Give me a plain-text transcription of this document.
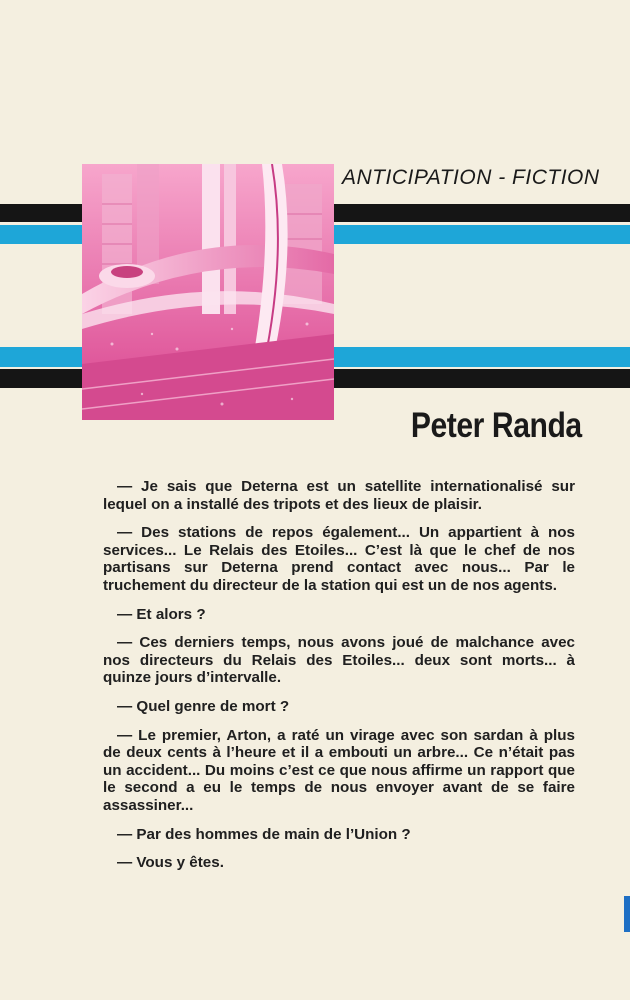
ANTICIPATION - FICTION
Peter Randa

— Je sais que Deterna est un satellite internationalisé sur lequel on a installé des tripots et des lieux de plaisir.

— Des stations de repos également... Un appartient à nos services... Le Relais des Etoiles... C’est là que le chef de nos partisans sur Deterna prend contact avec nous... Par le truchement du directeur de la station qui est un de nos agents.

— Et alors ?

— Ces derniers temps, nous avons joué de malchance avec nos directeurs du Relais des Etoiles... deux sont morts... à quinze jours d’intervalle.

— Quel genre de mort ?

— Le premier, Arton, a raté un virage avec son sardan à plus de deux cents à l’heure et il a embouti un arbre... Ce n’était pas un accident... Du moins c’est ce que nous affirme un rapport que le second a eu le temps de nous envoyer avant de se faire assassiner...

— Par des hommes de main de l’Union ?

— Vous y êtes.
